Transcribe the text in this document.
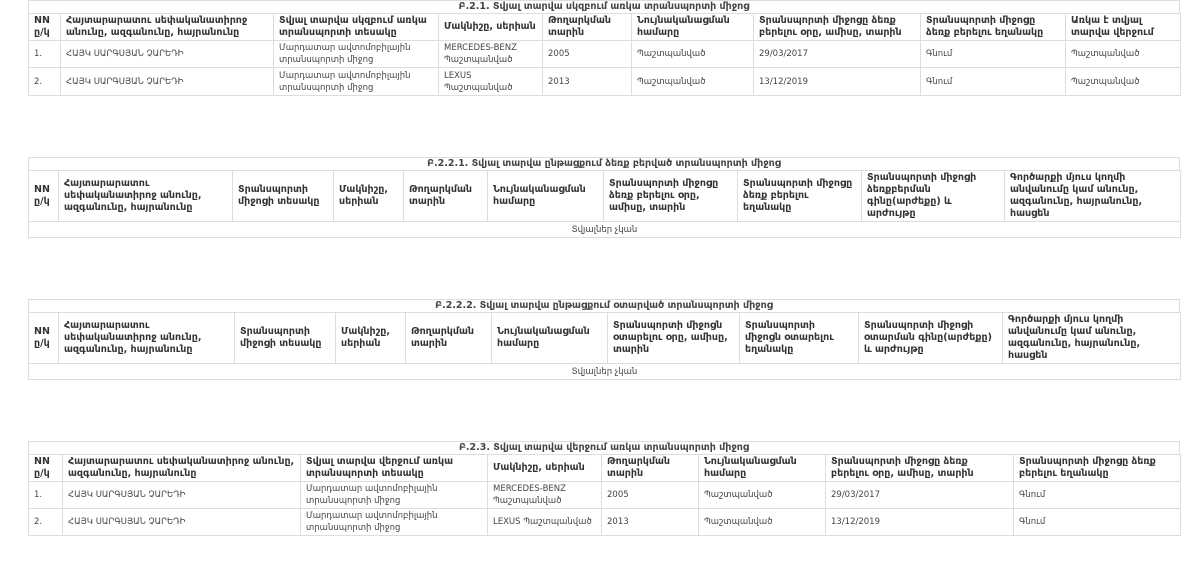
Բ.2.1. Տվյալ տարվա սկզբում առկա տրանսպորտի միջոց
NN
ը/կ	Հայտարարատու սեփականատիրոջ անունը, ազգանունը, հայրանունը	Տվյալ տարվա սկզբում առկա տրանսպորտի տեսակը	Մակնիշը, սերիան	Թողարկման տարին	Նույնականացման համարը	Տրանսպորտի միջոցը ձեռք բերելու օրը, ամիսը, տարին	Տրանսպորտի միջոցը ձեռք բերելու եղանակը	Առկա է տվյալ տարվա վերջում
1.	ՀԱՅԿ ՍԱՐԳՍՅԱՆ ՉԱՐԵԴԻ	Մարդատար ավտոմոբիլային տրանսպորտի միջոց	MERCEDES-BENZ Պաշտպանված	2005	Պաշտպանված	29/03/2017	Գնում	Պաշտպանված
2.	ՀԱՅԿ ՍԱՐԳՍՅԱՆ ՉԱՐԵԴԻ	Մարդատար ավտոմոբիլային տրանսպորտի միջոց	LEXUS Պաշտպանված	2013	Պաշտպանված	13/12/2019	Գնում	Պաշտպանված
Բ.2.2.1. Տվյալ տարվա ընթացքում ձեռք բերված տրանսպորտի միջոց
NN
ը/կ	Հայտարարատու սեփականատիրոջ անունը, ազգանունը, հայրանունը	Տրանսպորտի միջոցի տեսակը	Մակնիշը, սերիան	Թողարկման տարին	Նույնականացման համարը	Տրանսպորտի միջոցը ձեռք բերելու օրը, ամիսը, տարին	Տրանսպորտի միջոցը ձեռք բերելու եղանակը	Տրանսպորտի միջոցի ձեռքբերման գինը(արժեքը) և արժույթը	Գործարքի մյուս կողմի անվանումը կամ անունը, ազգանունը, հայրանունը, հասցեն
Տվյալներ չկան
Բ.2.2.2. Տվյալ տարվա ընթացքում օտարված տրանսպորտի միջոց
NN
ը/կ	Հայտարարատու սեփականատիրոջ անունը, ազգանունը, հայրանունը	Տրանսպորտի միջոցի տեսակը	Մակնիշը, սերիան	Թողարկման տարին	Նույնականացման համարը	Տրանսպորտի միջոցն օտարելու օրը, ամիսը, տարին	Տրանսպորտի միջոցն օտարելու եղանակը	Տրանսպորտի միջոցի օտարման գինը(արժեքը) և արժույթը	Գործարքի մյուս կողմի անվանումը կամ անունը, ազգանունը, հայրանունը, հասցեն
Տվյալներ չկան
Բ.2.3. Տվյալ տարվա վերջում առկա տրանսպորտի միջոց
NN
ը/կ	Հայտարարատու սեփականատիրոջ անունը, ազգանունը, հայրանունը	Տվյալ տարվա վերջում առկա տրանսպորտի տեսակը	Մակնիշը, սերիան	Թողարկման տարին	Նույնականացման համարը	Տրանսպորտի միջոցը ձեռք բերելու օրը, ամիսը, տարին	Տրանսպորտի միջոցը ձեռք բերելու եղանակը
1.	ՀԱՅԿ ՍԱՐԳՍՅԱՆ ՉԱՐԵԴԻ	Մարդատար ավտոմոբիլային տրանսպորտի միջոց	MERCEDES-BENZ Պաշտպանված	2005	Պաշտպանված	29/03/2017	Գնում
2.	ՀԱՅԿ ՍԱՐԳՍՅԱՆ ՉԱՐԵԴԻ	Մարդատար ավտոմոբիլային տրանսպորտի միջոց	LEXUS Պաշտպանված	2013	Պաշտպանված	13/12/2019	Գնում
